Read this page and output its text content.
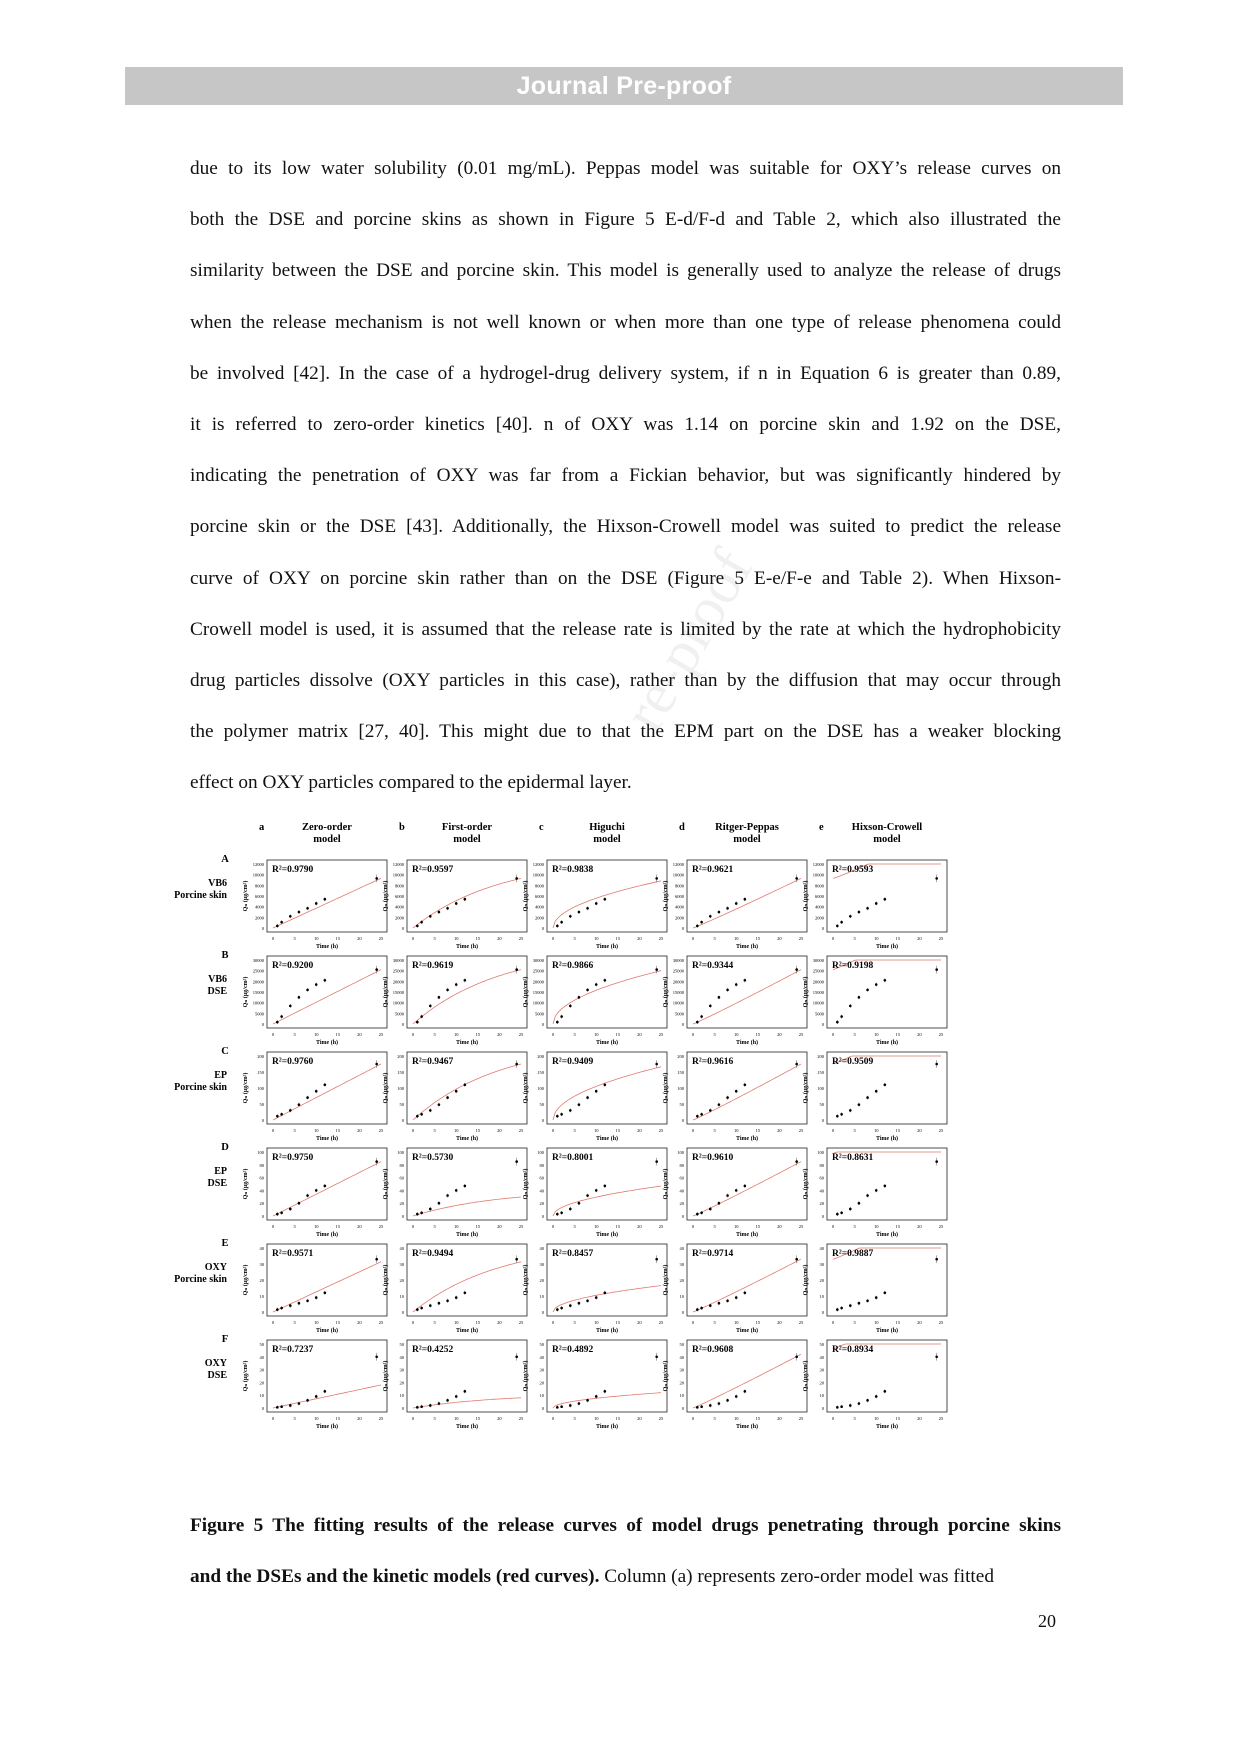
Journal Pre-proof
re-proof
due to its low water solubility (0.01 mg/mL). Peppas model was suitable for OXY’s release curves on
both the DSE and porcine skins as shown in Figure 5 E-d/F-d and Table 2, which also illustrated the
similarity between the DSE and porcine skin. This model is generally used to analyze the release of drugs
when the release mechanism is not well known or when more than one type of release phenomena could
be involved [42]. In the case of a hydrogel-drug delivery system, if n in Equation 6 is greater than 0.89,
it is referred to zero-order kinetics [40]. n of OXY was 1.14 on porcine skin and 1.92 on the DSE,
indicating the penetration of OXY was far from a Fickian behavior, but was significantly hindered by
porcine skin or the DSE [43]. Additionally, the Hixson-Crowell model was suited to predict the release
curve of OXY on porcine skin rather than on the DSE (Figure 5 E-e/F-e and Table 2). When Hixson-
Crowell model is used, it is assumed that the release rate is limited by the rate at which the hydrophobicity
drug particles dissolve (OXY particles in this case), rather than by the diffusion that may occur through
the polymer matrix [27, 40]. This might due to that the EPM part on the DSE has a weaker blocking
effect on OXY particles compared to the epidermal layer.
a	Zero-order
model
b	First-order
model
c	Higuchi
model
d	Ritger-Peppas
model
e	Hixson-Crowell
model
A
VB6
Porcine skin
B
VB6
DSE
C
EP
Porcine skin
D
EP
DSE
E
OXY
Porcine skin
F
OXY
DSE
0
2000
4000
6000
8000
10000
12000
0	5	10	15	20	25
Time (h)
Qₙ (μg/cm²)
R²=0.9790
0
2000
4000
6000
8000
10000
12000
0	5	10	15	20	25
Time (h)
Qₙ (μg/cm²)
R²=0.9597
0
2000
4000
6000
8000
10000
12000
0	5	10	15	20	25
Time (h)
Qₙ (μg/cm²)
R²=0.9838
0
2000
4000
6000
8000
10000
12000
0	5	10	15	20	25
Time (h)
Qₙ (μg/cm²)
R²=0.9621
0
2000
4000
6000
8000
10000
12000
0	5	10	15	20	25
Time (h)
Qₙ (μg/cm²)
R²=0.9593
0
5000
10000
15000
20000
25000
30000
0	5	10	15	20	25
Time (h)
Qₙ (μg/cm²)
R²=0.9200
0
5000
10000
15000
20000
25000
30000
0	5	10	15	20	25
Time (h)
Qₙ (μg/cm²)
R²=0.9619
0
5000
10000
15000
20000
25000
30000
0	5	10	15	20	25
Time (h)
Qₙ (μg/cm²)
R²=0.9866
0
5000
10000
15000
20000
25000
30000
0	5	10	15	20	25
Time (h)
Qₙ (μg/cm²)
R²=0.9344
0
5000
10000
15000
20000
25000
30000
0	5	10	15	20	25
Time (h)
Qₙ (μg/cm²)
R²=0.9198
0
50
100
150
200
0	5	10	15	20	25
Time (h)
Qₙ (μg/cm²)
R²=0.9760
0
50
100
150
200
0	5	10	15	20	25
Time (h)
Qₙ (μg/cm²)
R²=0.9467
0
50
100
150
200
0	5	10	15	20	25
Time (h)
Qₙ (μg/cm²)
R²=0.9409
0
50
100
150
200
0	5	10	15	20	25
Time (h)
Qₙ (μg/cm²)
R²=0.9616
0
50
100
150
200
0	5	10	15	20	25
Time (h)
Qₙ (μg/cm²)
R²=0.9509
0
20
40
60
80
100
0	5	10	15	20	25
Time (h)
Qₙ (μg/cm²)
R²=0.9750
0
20
40
60
80
100
0	5	10	15	20	25
Time (h)
Qₙ (μg/cm²)
R²=0.5730
0
20
40
60
80
100
0	5	10	15	20	25
Time (h)
Qₙ (μg/cm²)
R²=0.8001
0
20
40
60
80
100
0	5	10	15	20	25
Time (h)
Qₙ (μg/cm²)
R²=0.9610
0
20
40
60
80
100
0	5	10	15	20	25
Time (h)
Qₙ (μg/cm²)
R²=0.8631
0
10
20
30
40
0	5	10	15	20	25
Time (h)
Qₙ (μg/cm²)
R²=0.9571
0
10
20
30
40
0	5	10	15	20	25
Time (h)
Qₙ (μg/cm²)
R²=0.9494
0
10
20
30
40
0	5	10	15	20	25
Time (h)
Qₙ (μg/cm²)
R²=0.8457
0
10
20
30
40
0	5	10	15	20	25
Time (h)
Qₙ (μg/cm²)
R²=0.9714
0
10
20
30
40
0	5	10	15	20	25
Time (h)
Qₙ (μg/cm²)
R²=0.9887
0
10
20
30
40
50
0	5	10	15	20	25
Time (h)
Qₙ (μg/cm²)
R²=0.7237
0
10
20
30
40
50
0	5	10	15	20	25
Time (h)
Qₙ (μg/cm²)
R²=0.4252
0
10
20
30
40
50
0	5	10	15	20	25
Time (h)
Qₙ (μg/cm²)
R²=0.4892
0
10
20
30
40
50
0	5	10	15	20	25
Time (h)
Qₙ (μg/cm²)
R²=0.9608
0
10
20
30
40
50
0	5	10	15	20	25
Time (h)
Qₙ (μg/cm²)
R²=0.8934
Figure 5 The fitting results of the release curves of model drugs penetrating through porcine skins
and the DSEs and the kinetic models (red curves). Column (a) represents zero-order model was fitted
20
